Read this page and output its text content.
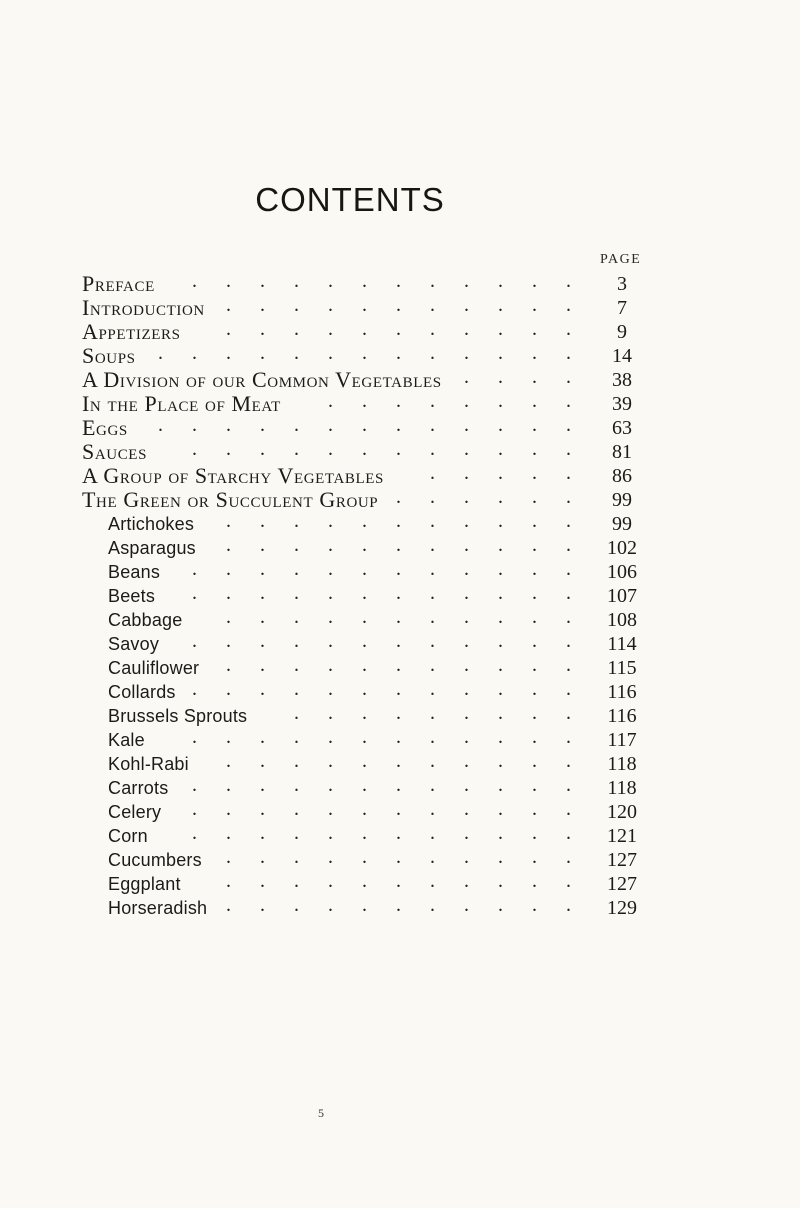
CONTENTS
PAGE
Preface . . . . . . . . . . . .	3
Introduction . . . . . . . . . . .	7
Appetizers . . . . . . . . . . .	9
Soups . . . . . . . . . . . . .	14
A Division of our Common Vegetables . . . .	38
In the Place of Meat . . . . . . . .	39
Eggs . . . . . . . . . . . . .	63
Sauces . . . . . . . . . . . .	81
A Group of Starchy Vegetables . . . . .	86
The Green or Succulent Group . . . . . .	99
Artichokes . . . . . . . . . . .	99
Asparagus . . . . . . . . . . .	102
Beans . . . . . . . . . . . .	106
Beets . . . . . . . . . . . .	107
Cabbage . . . . . . . . . . .	108
Savoy . . . . . . . . . . . .	114
Cauliflower . . . . . . . . . . .	115
Collards . . . . . . . . . . . .	116
Brussels Sprouts . . . . . . . . .	116
Kale . . . . . . . . . . . .	117
Kohl-Rabi . . . . . . . . . . .	118
Carrots . . . . . . . . . . . .	118
Celery . . . . . . . . . . . .	120
Corn . . . . . . . . . . . .	121
Cucumbers . . . . . . . . . . .	127
Eggplant . . . . . . . . . . .	127
Horseradish . . . . . . . . . . .	129
5
